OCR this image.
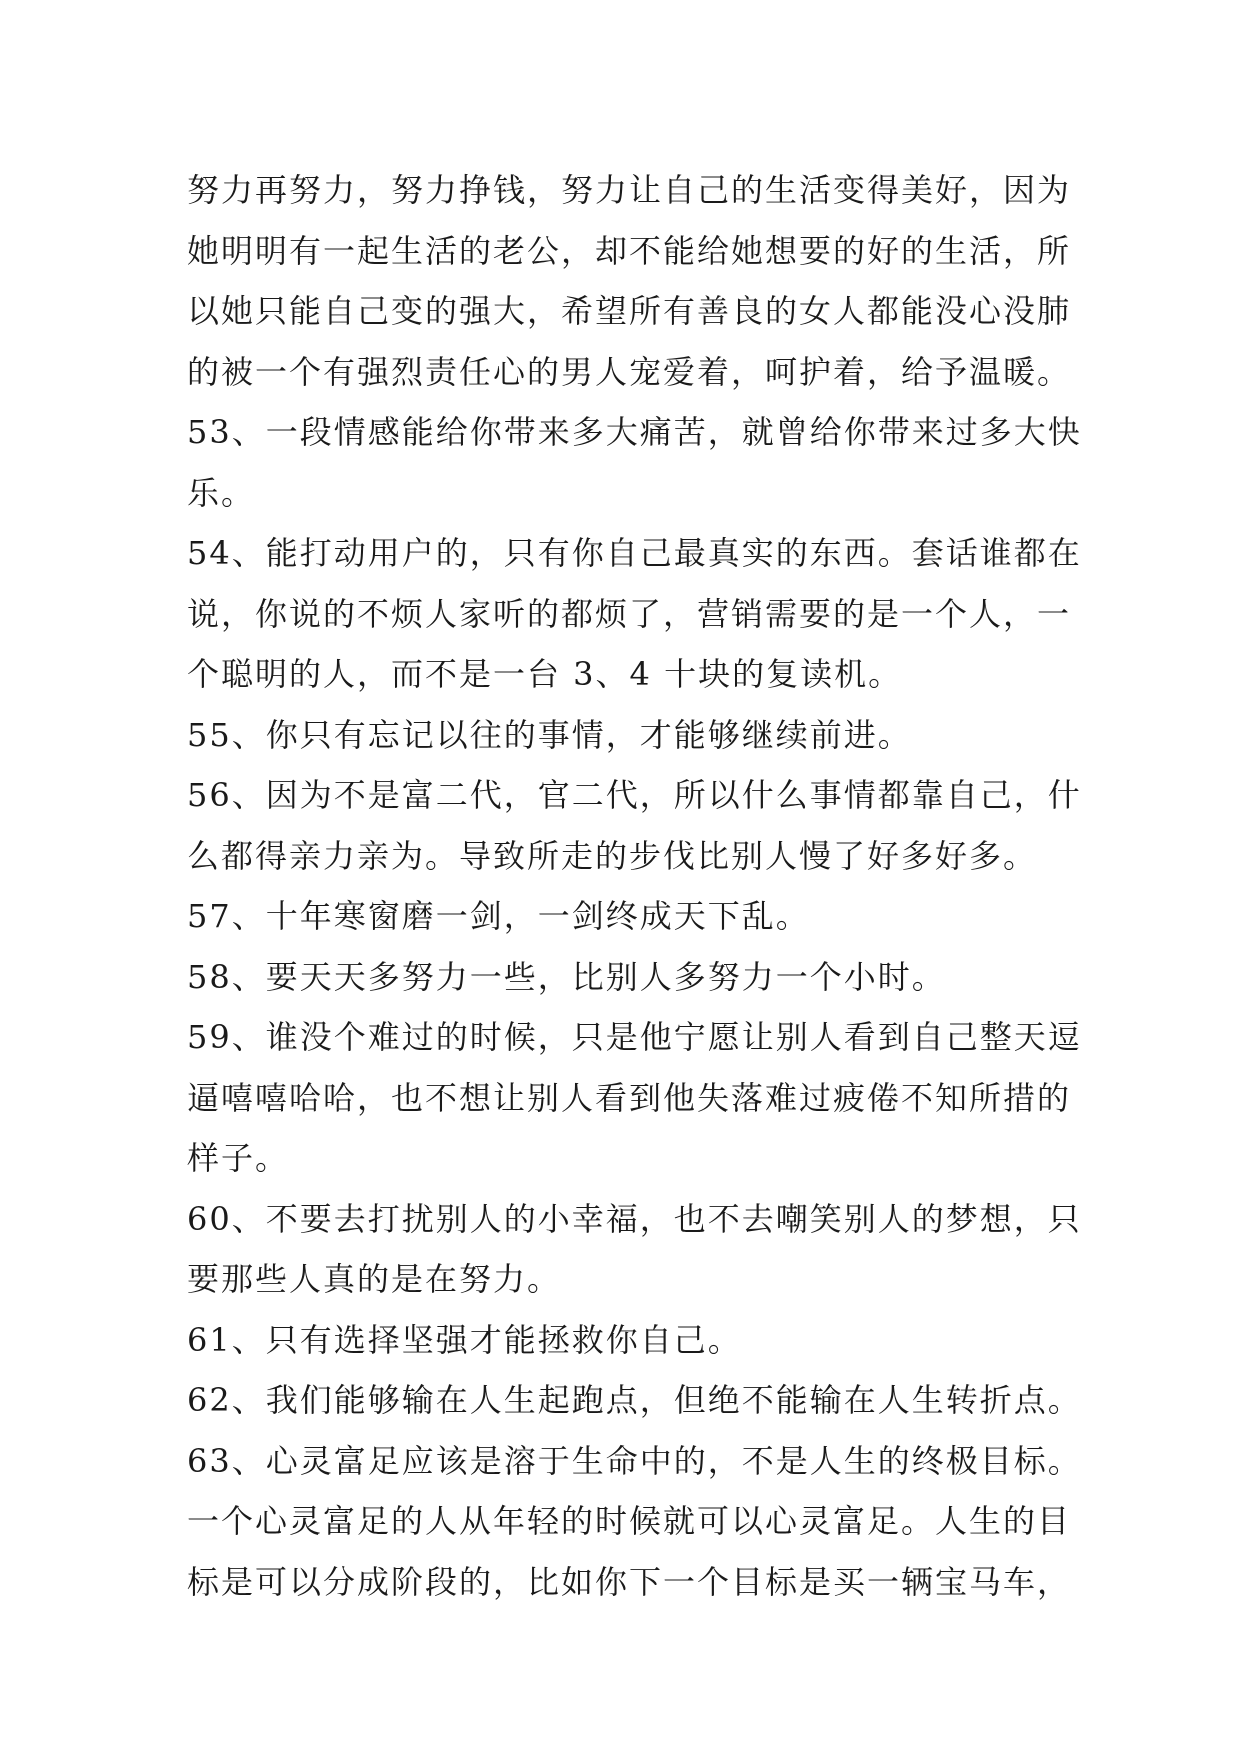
努力再努力，努力挣钱，努力让自己的生活变得美好，因为
她明明有一起生活的老公，却不能给她想要的好的生活，所
以她只能自己变的强大，希望所有善良的女人都能没心没肺
的被一个有强烈责任心的男人宠爱着，呵护着，给予温暖。
53、一段情感能给你带来多大痛苦，就曾给你带来过多大快
乐。
54、能打动用户的，只有你自己最真实的东西。套话谁都在
说，你说的不烦人家听的都烦了，营销需要的是一个人，一
个聪明的人，而不是一台 3、4 十块的复读机。
55、你只有忘记以往的事情，才能够继续前进。
56、因为不是富二代，官二代，所以什么事情都靠自己，什
么都得亲力亲为。导致所走的步伐比别人慢了好多好多。
57、十年寒窗磨一剑，一剑终成天下乱。
58、要天天多努力一些，比别人多努力一个小时。
59、谁没个难过的时候，只是他宁愿让别人看到自己整天逗
逼嘻嘻哈哈，也不想让别人看到他失落难过疲倦不知所措的
样子。
60、不要去打扰别人的小幸福，也不去嘲笑别人的梦想，只
要那些人真的是在努力。
61、只有选择坚强才能拯救你自己。
62、我们能够输在人生起跑点，但绝不能输在人生转折点。
63、心灵富足应该是溶于生命中的，不是人生的终极目标。
一个心灵富足的人从年轻的时候就可以心灵富足。人生的目
标是可以分成阶段的，比如你下一个目标是买一辆宝马车，
